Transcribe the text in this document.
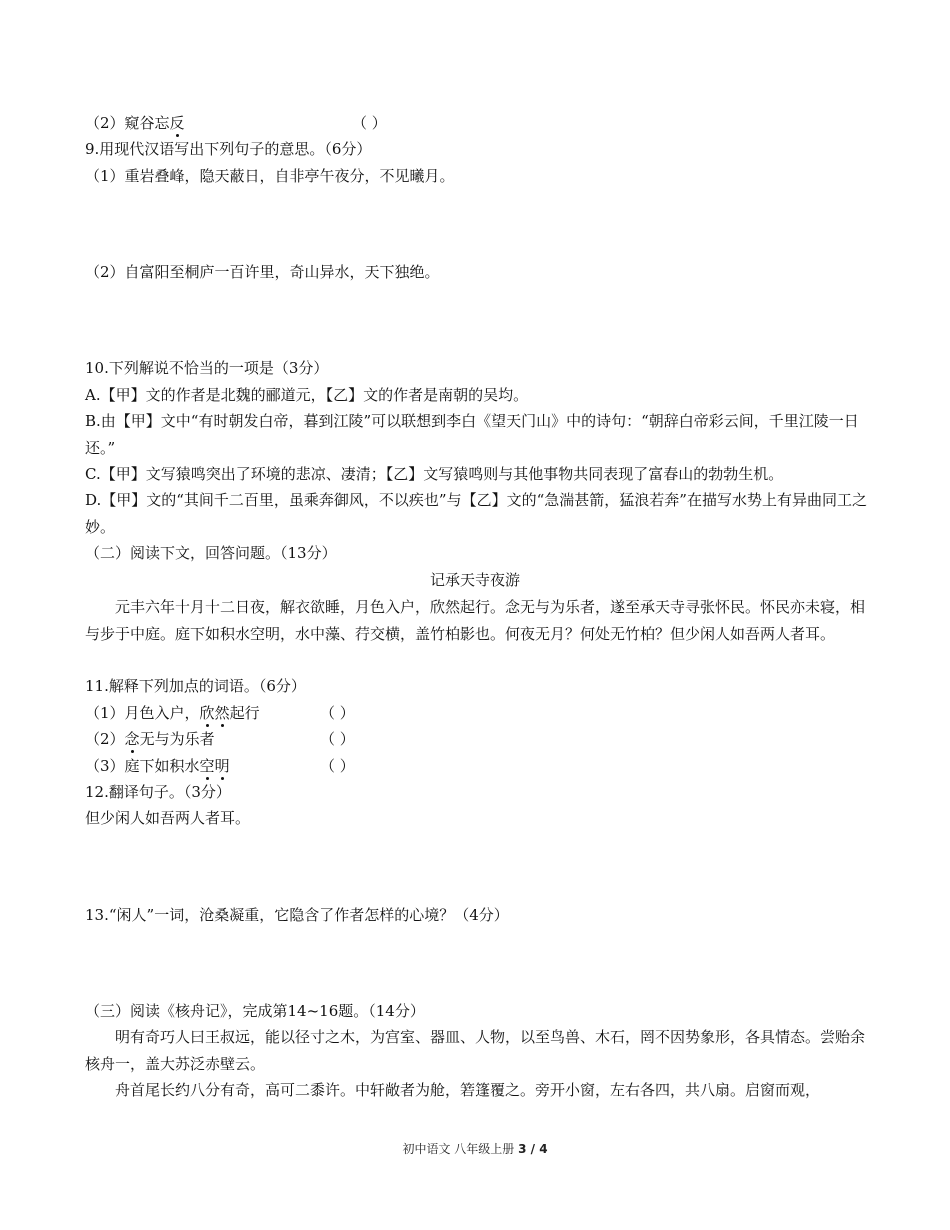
（2）窥谷忘反	（ ）
9.用现代汉语写出下列句子的意思。（6分）
（1）重岩叠峰，隐天蔽日，自非亭午夜分，不见曦月。
（2）自富阳至桐庐一百许里，奇山异水，天下独绝。
10.下列解说不恰当的一项是（3分）
A.【甲】文的作者是北魏的郦道元，【乙】文的作者是南朝的吴均。
B.由【甲】文中“有时朝发白帝，暮到江陵”可以联想到李白《望天门山》中的诗句：“朝辞白帝彩云间，千里江陵一日还。”
C.【甲】文写猿鸣突出了环境的悲凉、凄清；【乙】文写猿鸣则与其他事物共同表现了富春山的勃勃生机。
D.【甲】文的“其间千二百里，虽乘奔御风，不以疾也”与【乙】文的“急湍甚箭，猛浪若奔”在描写水势上有异曲同工之妙。
（二）阅读下文，回答问题。（13分）
记承天寺夜游
元丰六年十月十二日夜，解衣欲睡，月色入户，欣然起行。念无与为乐者，遂至承天寺寻张怀民。怀民亦未寝，相与步于中庭。庭下如积水空明，水中藻、荇交横，盖竹柏影也。何夜无月？何处无竹柏？但少闲人如吾两人者耳。
11.解释下列加点的词语。（6分）
（1）月色入户，欣然起行	（ ）
（2）念无与为乐者	（ ）
（3）庭下如积水空明	（ ）
12.翻译句子。（3分）
但少闲人如吾两人者耳。
13.“闲人”一词，沧桑凝重，它隐含了作者怎样的心境？（4分）
（三）阅读《核舟记》，完成第14~16题。（14分）
明有奇巧人曰王叔远，能以径寸之木，为宫室、器皿、人物，以至鸟兽、木石，罔不因势象形，各具情态。尝贻余核舟一，盖大苏泛赤壁云。
舟首尾长约八分有奇，高可二黍许。中轩敞者为舱，箬篷覆之。旁开小窗，左右各四，共八扇。启窗而观，
初中语文 八年级上册 3 / 4
